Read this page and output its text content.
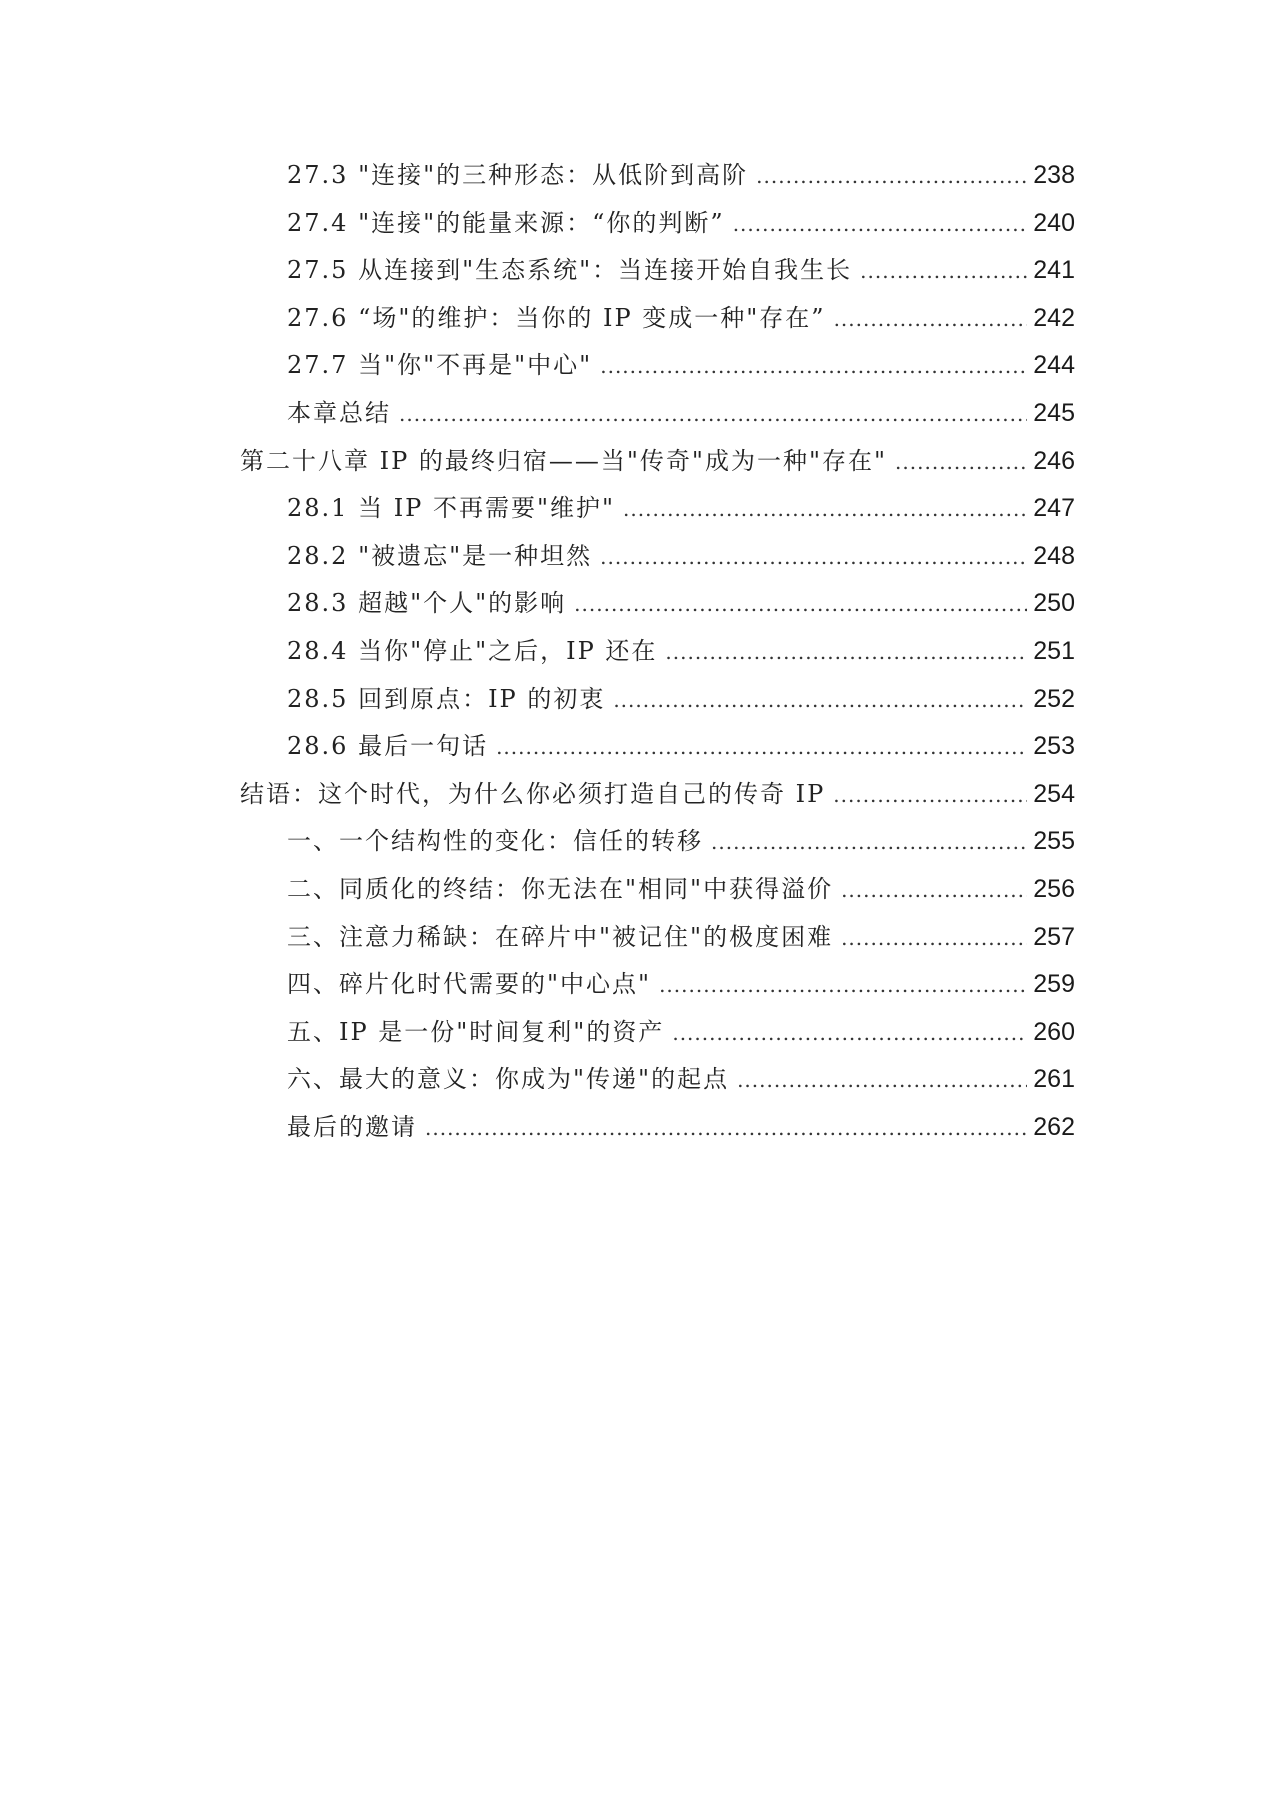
27.3 "连接"的三种形态：从低阶到高阶 .....	238
27.4 "连接"的能量来源：“你的判断” .....	240
27.5 从连接到"生态系统"：当连接开始自我生长 .....	241
27.6 “场"的维护：当你的 IP 变成一种"存在” .....	242
27.7 当"你"不再是"中心" .....	244
本章总结 .....	245
第二十八章 IP 的最终归宿——当"传奇"成为一种"存在" .....	246
28.1 当 IP 不再需要"维护" .....	247
28.2 "被遗忘"是一种坦然 .....	248
28.3 超越"个人"的影响 .....	250
28.4 当你"停止"之后，IP 还在 .....	251
28.5 回到原点：IP 的初衷 .....	252
28.6 最后一句话 .....	253
结语：这个时代，为什么你必须打造自己的传奇 IP .....	254
一、一个结构性的变化：信任的转移 .....	255
二、同质化的终结：你无法在"相同"中获得溢价 .....	256
三、注意力稀缺：在碎片中"被记住"的极度困难 .....	257
四、碎片化时代需要的"中心点" .....	259
五、IP 是一份"时间复利"的资产 .....	260
六、最大的意义：你成为"传递"的起点 .....	261
最后的邀请 .....	262
